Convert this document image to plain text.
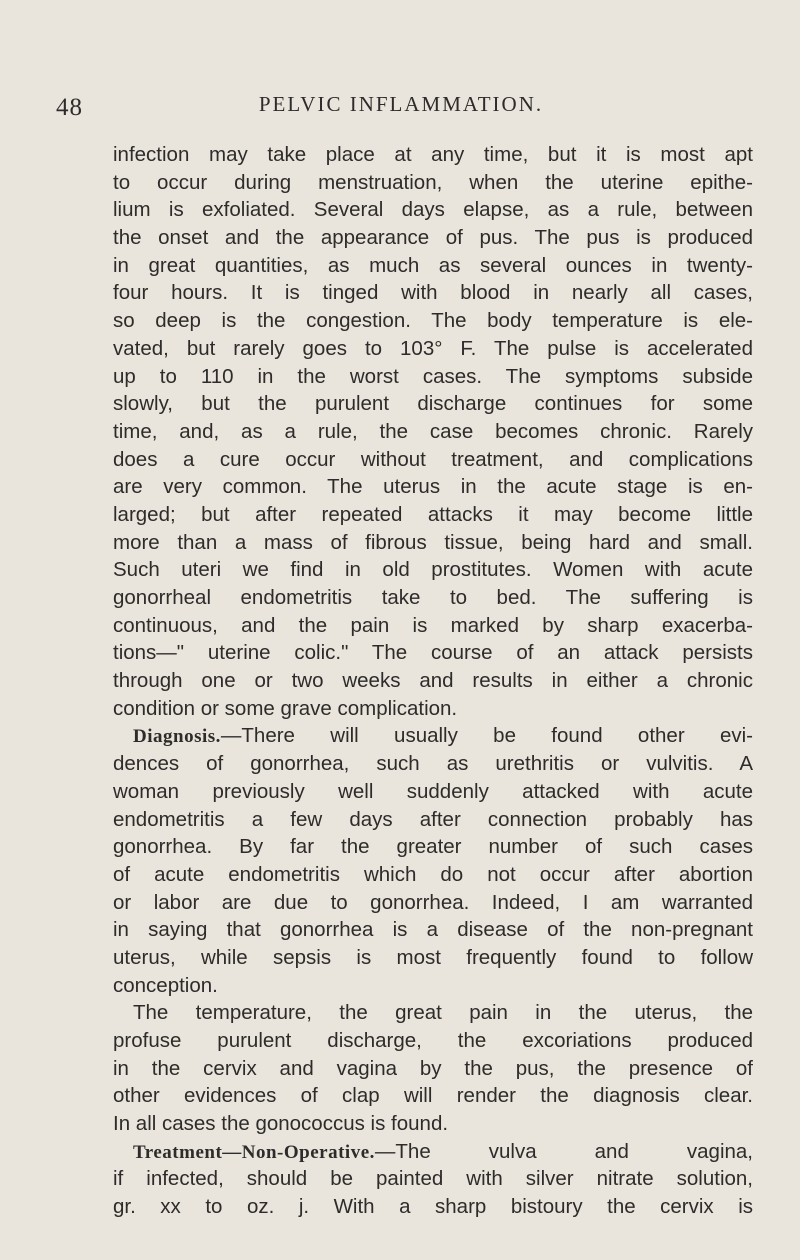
48	PELVIC INFLAMMATION.
infection may take place at any time, but it is most apt
to occur during menstruation, when the uterine epithe-
lium is exfoliated. Several days elapse, as a rule, between
the onset and the appearance of pus. The pus is produced
in great quantities, as much as several ounces in twenty-
four hours. It is tinged with blood in nearly all cases,
so deep is the congestion. The body temperature is ele-
vated, but rarely goes to 103° F. The pulse is accelerated
up to 110 in the worst cases. The symptoms subside
slowly, but the purulent discharge continues for some
time, and, as a rule, the case becomes chronic. Rarely
does a cure occur without treatment, and complications
are very common. The uterus in the acute stage is en-
larged; but after repeated attacks it may become little
more than a mass of fibrous tissue, being hard and small.
Such uteri we find in old prostitutes. Women with acute
gonorrheal endometritis take to bed. The suffering is
continuous, and the pain is marked by sharp exacerba-
tions—" uterine colic." The course of an attack persists
through one or two weeks and results in either a chronic
condition or some grave complication.
Diagnosis.—There will usually be found other evi-
dences of gonorrhea, such as urethritis or vulvitis. A
woman previously well suddenly attacked with acute
endometritis a few days after connection probably has
gonorrhea. By far the greater number of such cases
of acute endometritis which do not occur after abortion
or labor are due to gonorrhea. Indeed, I am warranted
in saying that gonorrhea is a disease of the non-pregnant
uterus, while sepsis is most frequently found to follow
conception.
The temperature, the great pain in the uterus, the
profuse purulent discharge, the excoriations produced
in the cervix and vagina by the pus, the presence of
other evidences of clap will render the diagnosis clear.
In all cases the gonococcus is found.
Treatment—Non-Operative.—The vulva and vagina,
if infected, should be painted with silver nitrate solution,
gr. xx to oz. j. With a sharp bistoury the cervix is
